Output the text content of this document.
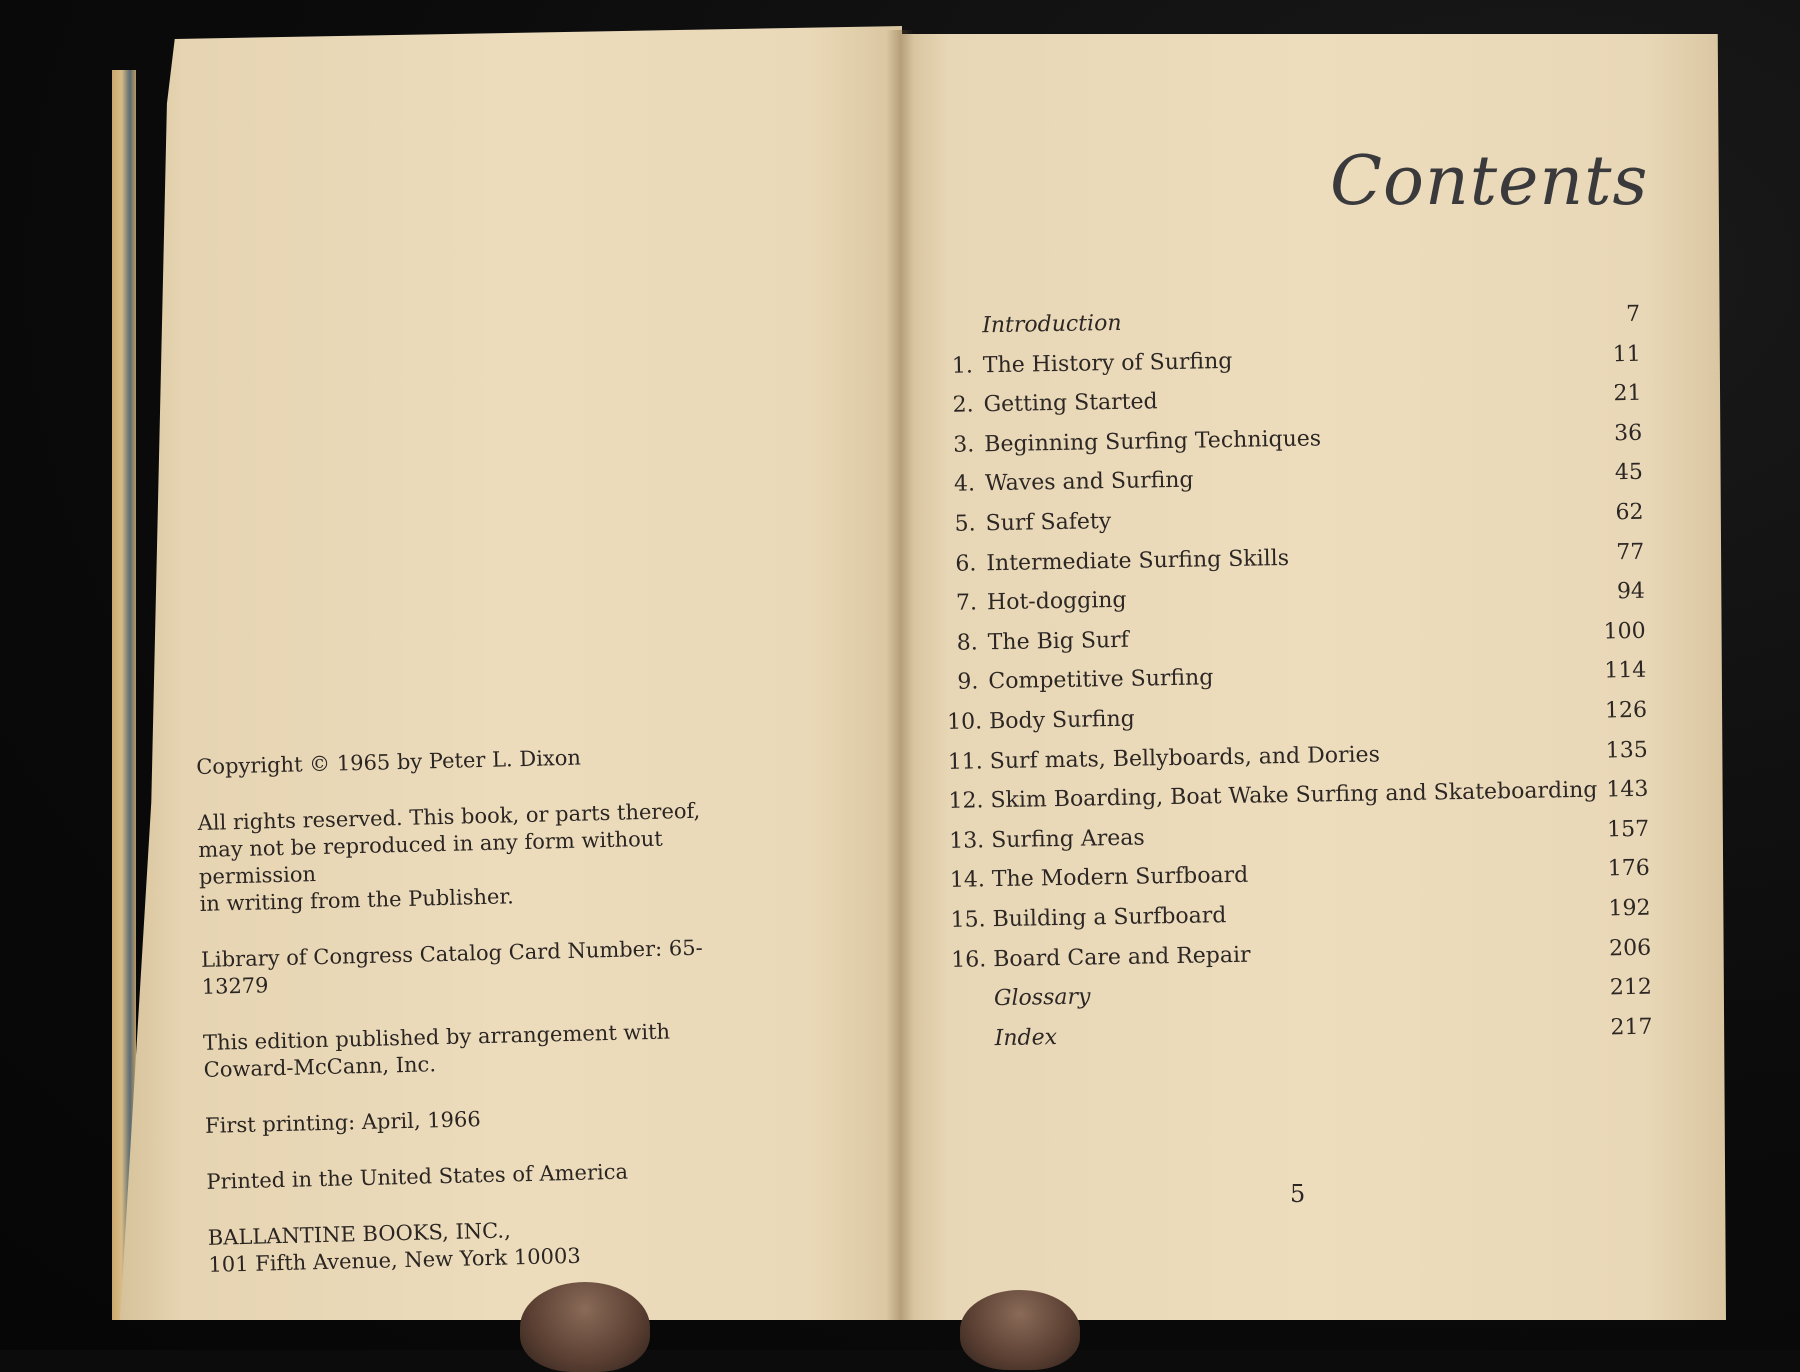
Copyright © 1965 by Peter L. Dixon

All rights reserved. This book, or parts thereof,
may not be reproduced in any form without permission
in writing from the Publisher.

Library of Congress Catalog Card Number: 65-13279

This edition published by arrangement with
Coward-McCann, Inc.

First printing: April, 1966

Printed in the United States of America

BALLANTINE BOOKS, INC.,
101 Fifth Avenue, New York 10003

Contents
Introduction	7
1. The History of Surfing	11
2. Getting Started	21
3. Beginning Surfing Techniques	36
4. Waves and Surfing	45
5. Surf Safety	62
6. Intermediate Surfing Skills	77
7. Hot-dogging	94
8. The Big Surf	100
9. Competitive Surfing	114
10. Body Surfing	126
11. Surf mats, Bellyboards, and Dories	135
12. Skim Boarding, Boat Wake Surfing and Skateboarding 143
13. Surfing Areas	157
14. The Modern Surfboard	176
15. Building a Surfboard	192
16. Board Care and Repair	206
Glossary	212
Index	217
5
